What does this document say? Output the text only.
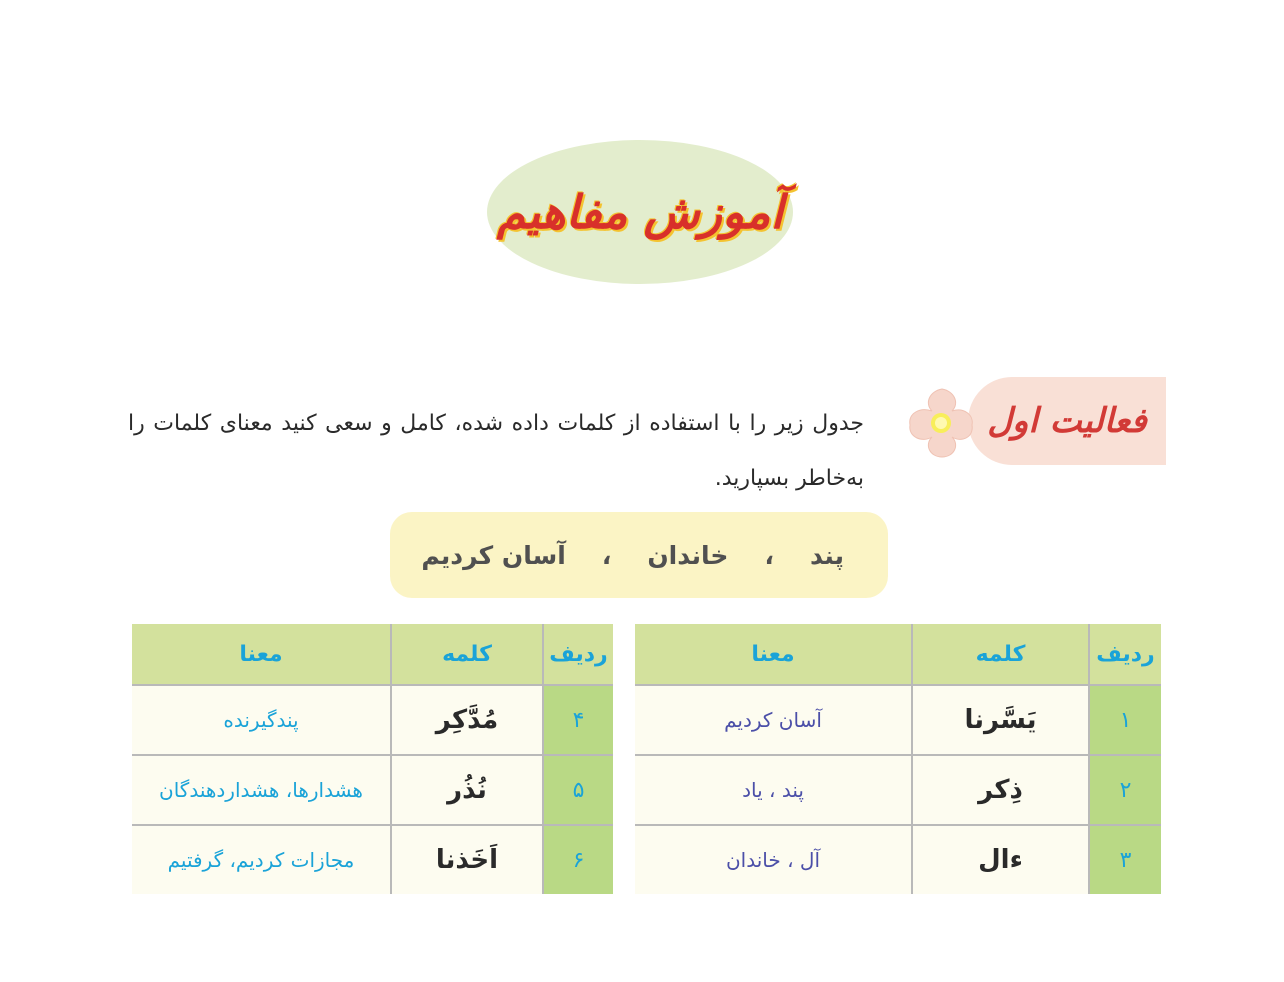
آموزش مفاهیم
فعالیت اول
جدول زیر را با استفاده از کلمات داده شده، کامل و سعی کنید معنای کلمات را به‌خاطر بسپارید.
پند
،
خاندان
،
آسان کردیم
ردیف	کلمه	معنا
۱	یَسَّرنا	آسان کردیم
۲	ذِکر	پند ، یاد
۳	ءال	آل ، خاندان
ردیف	کلمه	معنا
۴	مُدَّکِر	پندگیرنده
۵	نُذُر	هشدارها، هشداردهندگان
۶	اَخَذنا	مجازات کردیم، گرفتیم
